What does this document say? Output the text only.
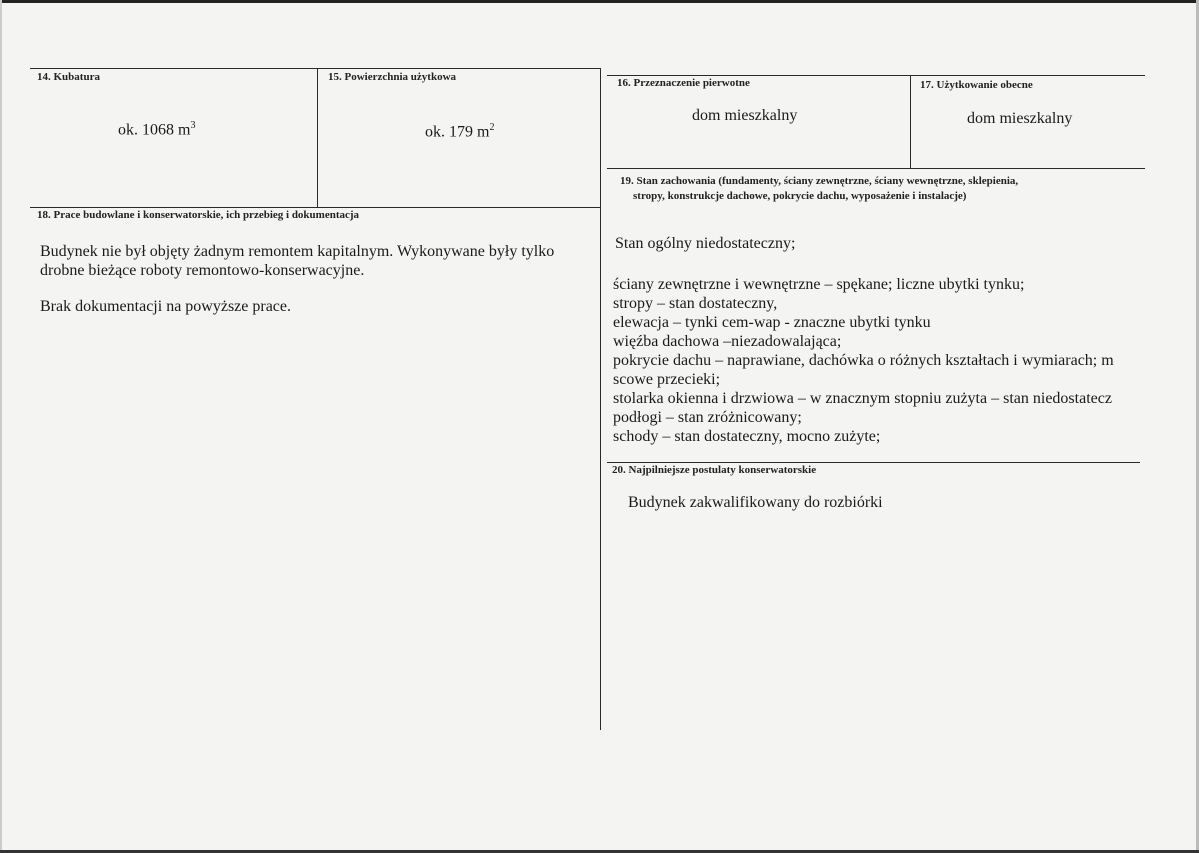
14. Kubatura
ok. 1068 $m^3$
15. Powierzchnia użytkowa
ok. 179 $m^2$
16. Przeznaczenie pierwotne
dom mieszkalny
17. Użytkowanie obecne
dom mieszkalny
18. Prace budowlane i konserwatorskie, ich przebieg i dokumentacja

Budynek nie był objęty żadnym remontem kapitalnym. Wykonywane były tylko

drobne bieżące roboty remontowo-konserwacyjne.

Brak dokumentacji na powyższe prace.

19. Stan zachowania (fundamenty, ściany zewnętrzne, ściany wewnętrzne, sklepienia,
stropy, konstrukcje dachowe, pokrycie dachu, wyposażenie i instalacje)
Stan ogólny niedostateczny;

ściany zewnętrzne i wewnętrzne – spękane; liczne ubytki tynku;

stropy – stan dostateczny,

elewacja – tynki cem-wap - znaczne ubytki tynku

więźba dachowa –niezadowalająca;

pokrycie dachu – naprawiane, dachówka o różnych kształtach i wymiarach; m

scowe przecieki;

stolarka okienna i drzwiowa – w znacznym stopniu zużyta – stan niedostatecz

podłogi – stan zróżnicowany;

schody – stan dostateczny, mocno zużyte;

20. Najpilniejsze postulaty konserwatorskie
Budynek zakwalifikowany do rozbiórki
